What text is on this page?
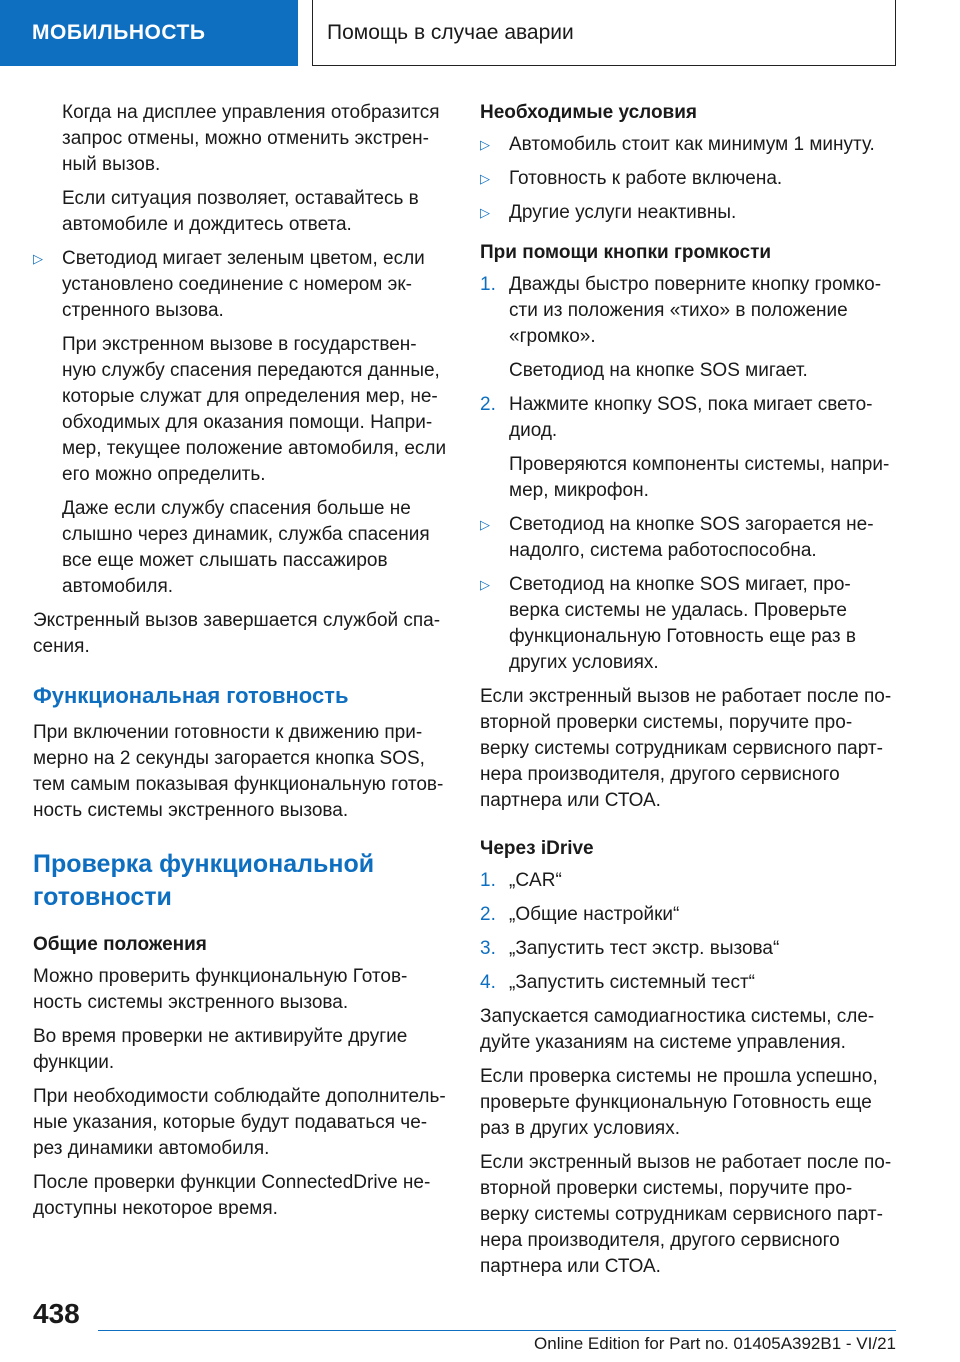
МОБИЛЬНОСТЬ	Помощь в случае аварии

Когда на дисплее управления отобразится запрос отмены, можно отменить экстрен- ный вызов.

Если ситуация позволяет, оставайтесь в автомобиле и дождитесь ответа.

▷ Светодиод мигает зеленым цветом, если установлено соединение с номером эк- стренного вызова.

При экстренном вызове в государствен- ную службу спасения передаются данные, которые служат для определения мер, не- обходимых для оказания помощи. Напри- мер, текущее положение автомобиля, если его можно определить.

Даже если службу спасения больше не слышно через динамик, служба спасения все еще может слышать пассажиров автомобиля.

Экстренный вызов завершается службой спа- сения.

Функциональная готовность

При включении готовности к движению при- мерно на 2 секунды загорается кнопка SOS, тем самым показывая функциональную готов- ность системы экстренного вызова.

Проверка функциональной готовности
Общие положения

Можно проверить функциональную Готов- ность системы экстренного вызова.

Во время проверки не активируйте другие функции.

При необходимости соблюдайте дополнитель- ные указания, которые будут подаваться че- рез динамики автомобиля.

После проверки функции ConnectedDrive не- доступны некоторое время.

Необходимые условия
▷ Автомобиль стоит как минимум 1 минуту.
▷ Готовность к работе включена.
▷ Другие услуги неактивны.
При помощи кнопки громкости
1. Дважды быстро поверните кнопку громко- сти из положения «тихо» в положение «громко».

Светодиод на кнопке SOS мигает.

2. Нажмите кнопку SOS, пока мигает свето- диод.

Проверяются компоненты системы, напри- мер, микрофон.

▷ Светодиод на кнопке SOS загорается не- надолго, система работоспособна.
▷ Светодиод на кнопке SOS мигает, про- верка системы не удалась. Проверьте функциональную Готовность еще раз в других условиях.

Если экстренный вызов не работает после по- вторной проверки системы, поручите про- верку системы сотрудникам сервисного парт- нера производителя, другого сервисного партнера или СТОА.

Через iDrive
1. „CAR“
2. „Общие настройки“
3. „Запустить тест экстр. вызова“
4. „Запустить системный тест“

Запускается самодиагностика системы, сле- дуйте указаниям на системе управления.

Если проверка системы не прошла успешно, проверьте функциональную Готовность еще раз в других условиях.

Если экстренный вызов не работает после по- вторной проверки системы, поручите про- верку системы сотрудникам сервисного парт- нера производителя, другого сервисного партнера или СТОА.

438
Online Edition for Part no. 01405A392B1 - VI/21
